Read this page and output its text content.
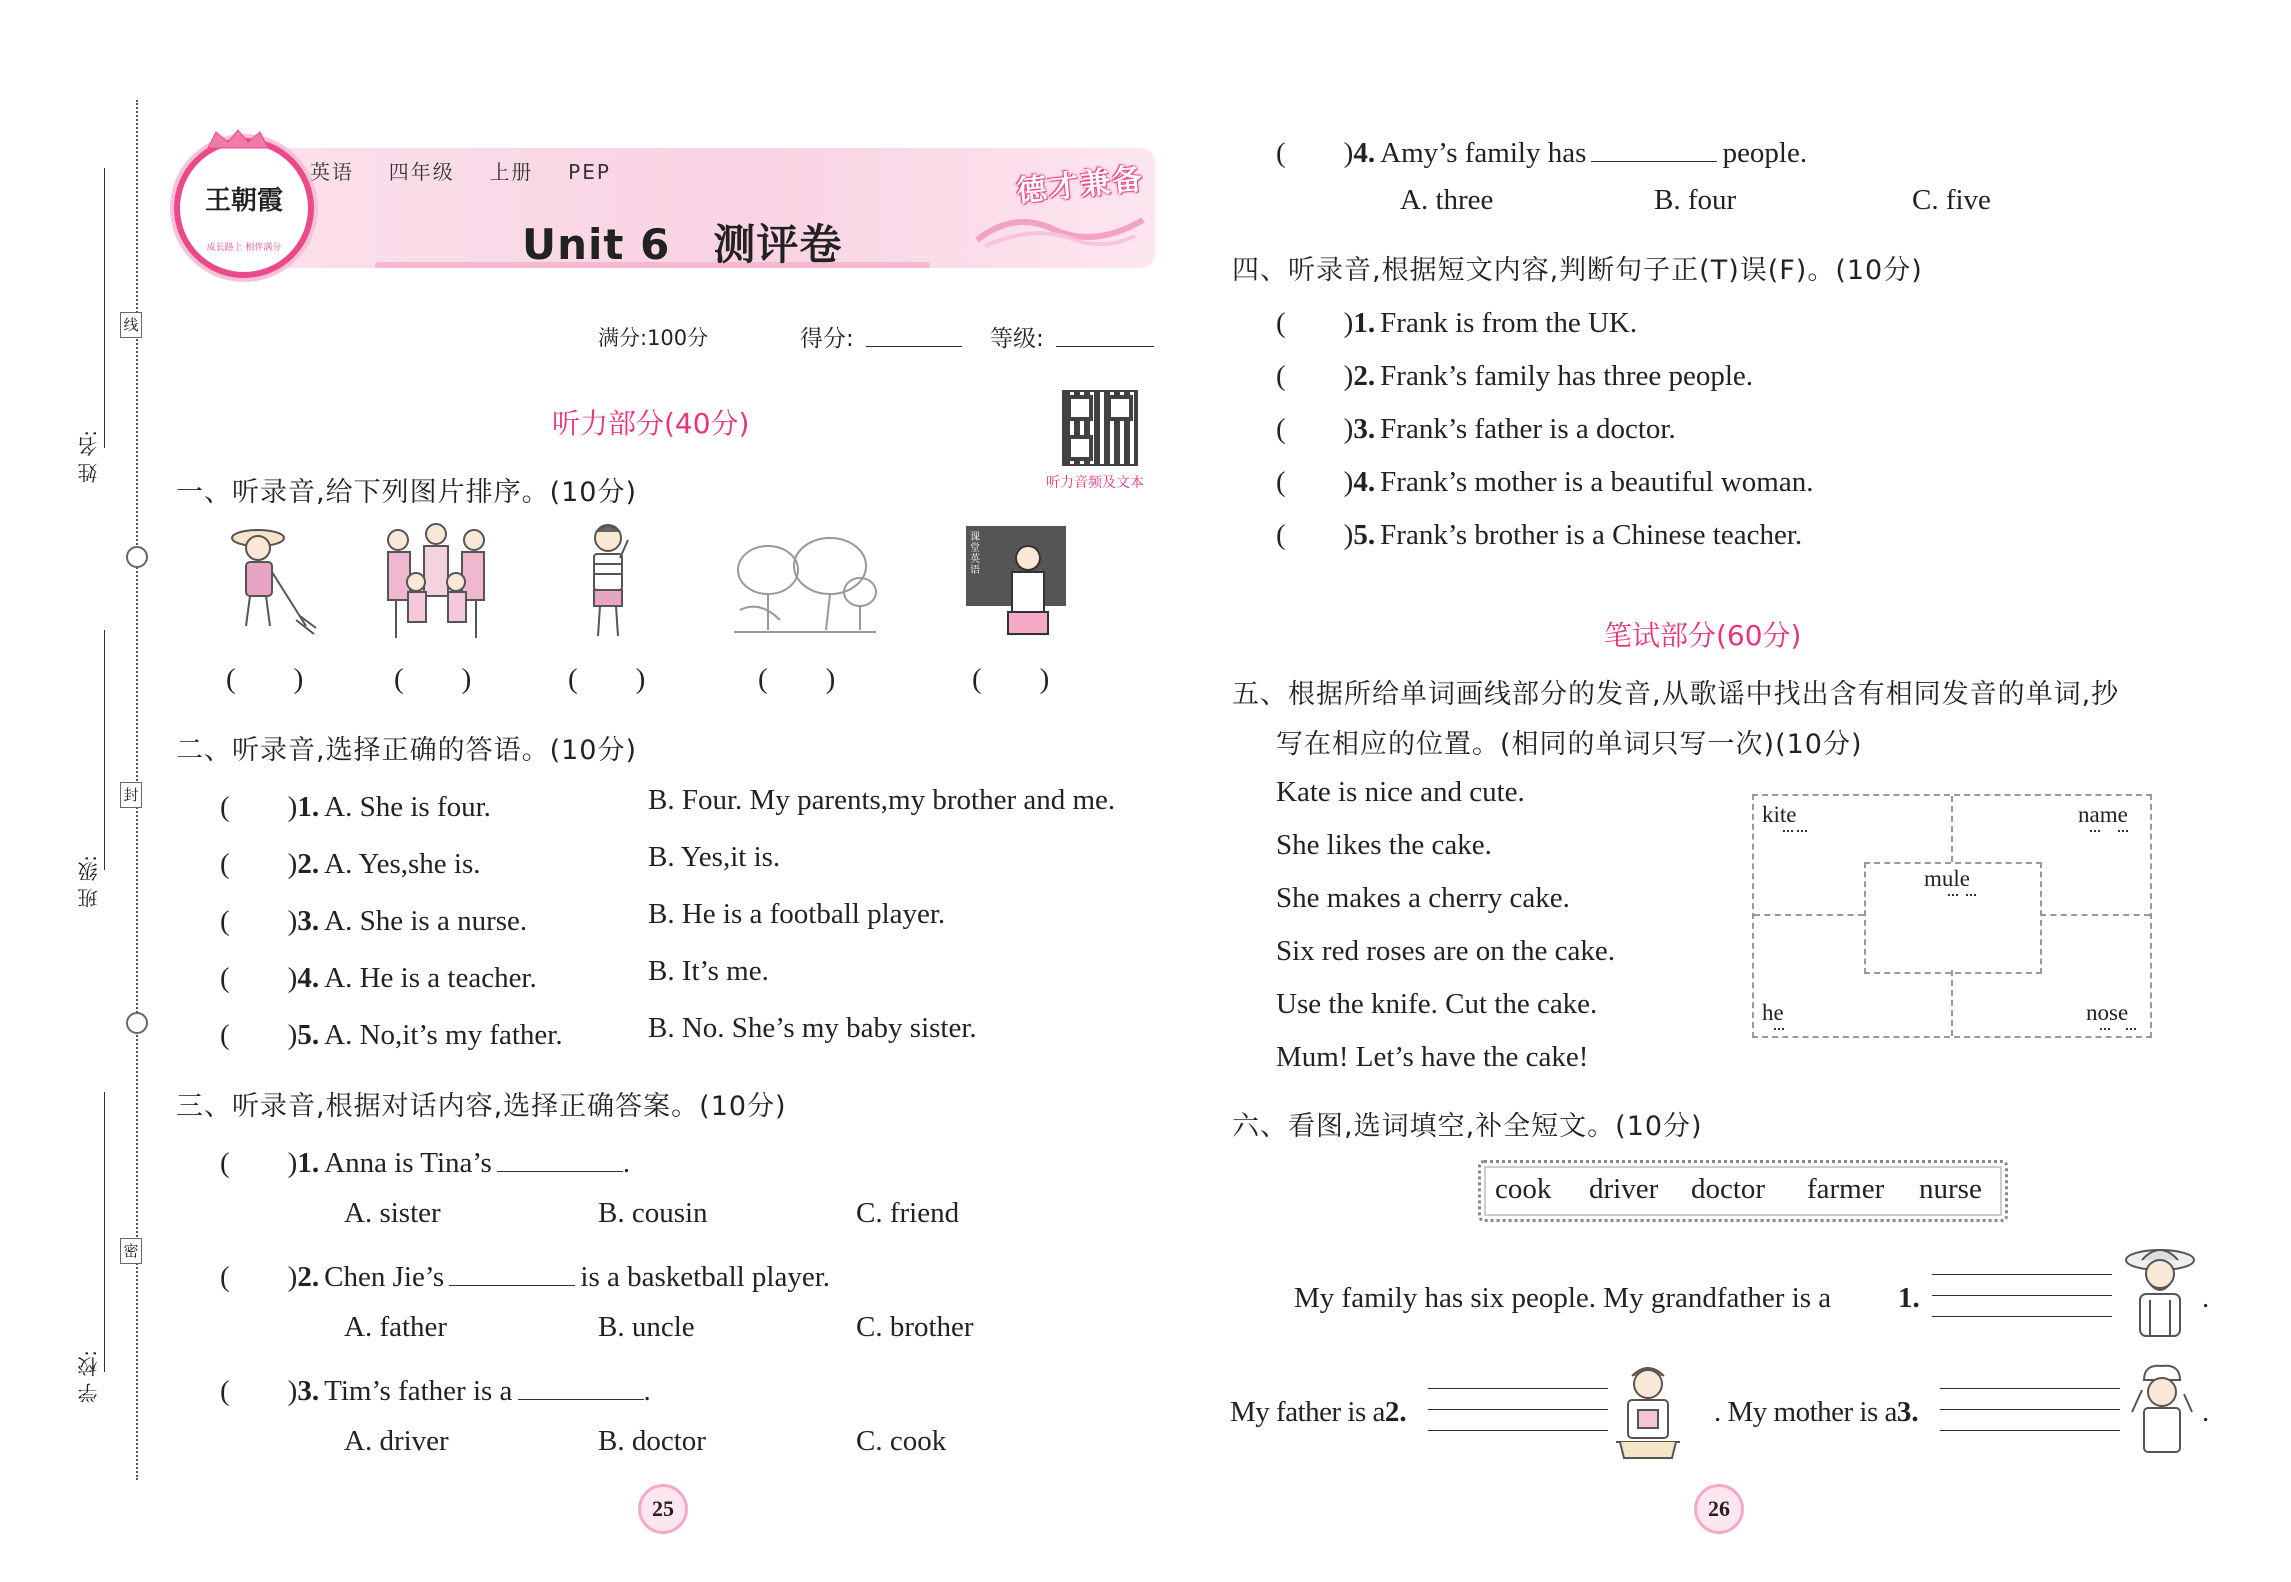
姓 名:
班 级:
学 校:
线
封
密
王朝霞
成长路上 相伴满分
英语 四年级 上册 PEP
Unit 6　测评卷
德才兼备
满分:100分	得分:	等级:
听力部分(40分)
听力音频及文本
一、听录音,给下列图片排序。(10分)
课堂英语
(　　)	(　　)	(　　)	(　　)	(　　)
二、听录音,选择正确的答语。(10分)
(　　)1. A. She is four.	B. Four. My parents,my brother and me.
(　　)2. A. Yes,she is.	B. Yes,it is.
(　　)3. A. She is a nurse.	B. He is a football player.
(　　)4. A. He is a teacher.	B. It’s me.
(　　)5. A. No,it’s my father.	B. No. She’s my baby sister.
三、听录音,根据对话内容,选择正确答案。(10分)
(　　)1. Anna is Tina’s	.
A. sister	B. cousin	C. friend
(　　)2. Chen Jie’s	is a basketball player.
A. father	B. uncle	C. brother
(　　)3. Tim’s father is a	.
A. driver	B. doctor	C. cook
25
(　　)4. Amy’s family has	people.
A. three	B. four	C. five
四、听录音,根据短文内容,判断句子正(T)误(F)。(10分)
(　　)1. Frank is from the UK.
(　　)2. Frank’s family has three people.
(　　)3. Frank’s father is a doctor.
(　　)4. Frank’s mother is a beautiful woman.
(　　)5. Frank’s brother is a Chinese teacher.
笔试部分(60分)
五、根据所给单词画线部分的发音,从歌谣中找出含有相同发音的单词,抄
写在相应的位置。(相同的单词只写一次)(10分)
Kate is nice and cute.
She likes the cake.
She makes a cherry cake.
Six red roses are on the cake.
Use the knife. Cut the cake.
Mum! Let’s have the cake!
kite	name
mule
he	nose
六、看图,选词填空,补全短文。(10分)
cook driver doctor farmer nurse
My family has six people. My grandfather is a 1.	.
My father is a2.	. My mother is a3.	.
26
